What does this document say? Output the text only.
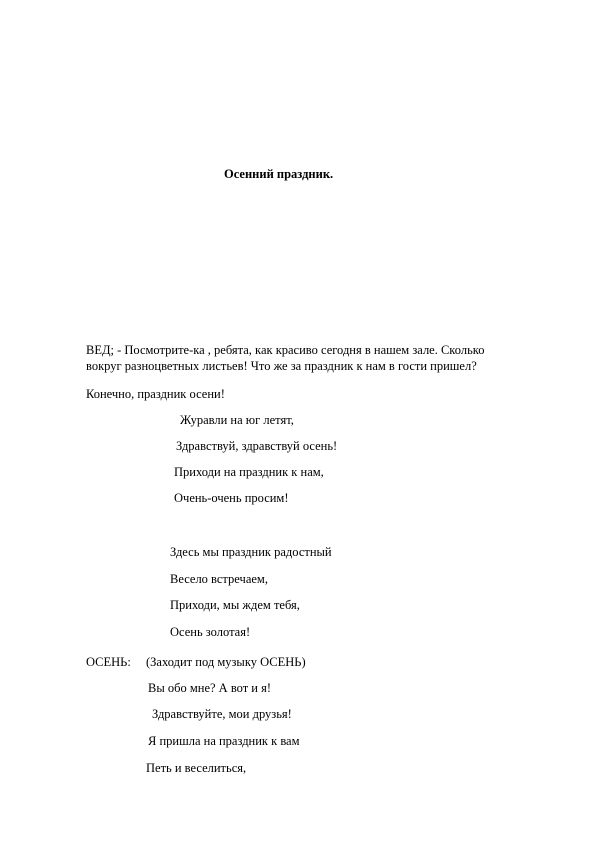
Осенний праздник.
ВЕД; - Посмотрите-ка , ребята, как красиво сегодня в нашем зале. Сколько
вокруг разноцветных листьев! Что же за праздник к нам в гости пришел?
Конечно, праздник осени!
Журавли на юг летят,
Здравствуй, здравствуй осень!
Приходи на праздник к нам,
Очень-очень просим!
Здесь мы праздник радостный
Весело встречаем,
Приходи, мы ждем тебя,
Осень золотая!
ОСЕНЬ: (Заходит под музыку ОСЕНЬ)
Вы обо мне? А вот и я!
Здравствуйте, мои друзья!
Я пришла на праздник к вам
Петь и веселиться,
